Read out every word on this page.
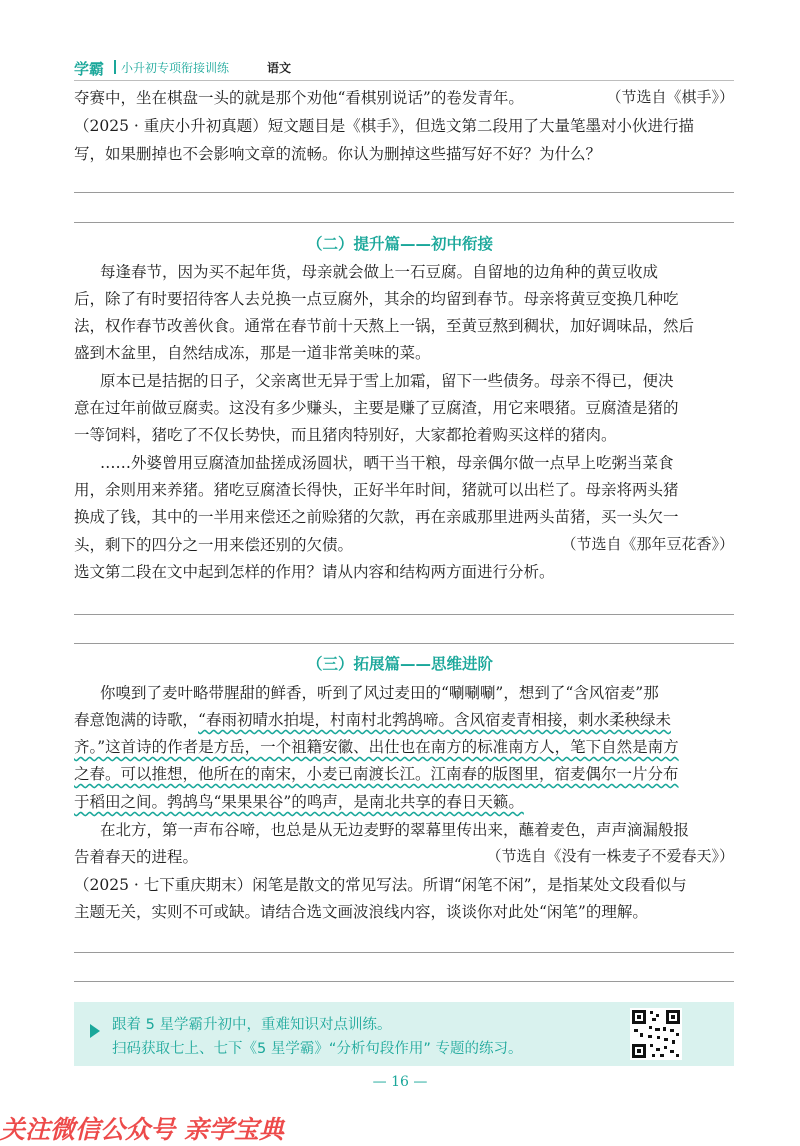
学霸 小升初专项衔接训练	语文
夺赛中，坐在棋盘一头的就是那个劝他“看棋别说话”的卷发青年。	（节选自《棋手》）
（2025 · 重庆小升初真题）短文题目是《棋手》，但选文第二段用了大量笔墨对小伙进行描
写，如果删掉也不会影响文章的流畅。你认为删掉这些描写好不好？为什么？
（二）提升篇——初中衔接
每逢春节，因为买不起年货，母亲就会做上一石豆腐。自留地的边角种的黄豆收成
后，除了有时要招待客人去兑换一点豆腐外，其余的均留到春节。母亲将黄豆变换几种吃
法，权作春节改善伙食。通常在春节前十天熬上一锅，至黄豆熬到稠状，加好调味品，然后
盛到木盆里，自然结成冻，那是一道非常美味的菜。
原本已是拮据的日子，父亲离世无异于雪上加霜，留下一些债务。母亲不得已，便决
意在过年前做豆腐卖。这没有多少赚头，主要是赚了豆腐渣，用它来喂猪。豆腐渣是猪的
一等饲料，猪吃了不仅长势快，而且猪肉特别好，大家都抢着购买这样的猪肉。
……外婆曾用豆腐渣加盐搓成汤圆状，晒干当干粮，母亲偶尔做一点早上吃粥当菜食
用，余则用来养猪。猪吃豆腐渣长得快，正好半年时间，猪就可以出栏了。母亲将两头猪
换成了钱，其中的一半用来偿还之前赊猪的欠款，再在亲戚那里进两头苗猪，买一头欠一
头，剩下的四分之一用来偿还别的欠债。	（节选自《那年豆花香》）
选文第二段在文中起到怎样的作用？请从内容和结构两方面进行分析。
（三）拓展篇——思维进阶
你嗅到了麦叶略带腥甜的鲜香，听到了风过麦田的“唰唰唰”，想到了“含风宿麦”那
春意饱满的诗歌，“春雨初晴水拍堤，村南村北鹁鸪啼。含风宿麦青相接，刺水柔秧绿未
齐。”这首诗的作者是方岳，一个祖籍安徽、出仕也在南方的标准南方人，笔下自然是南方
之春。可以推想，他所在的南宋，小麦已南渡长江。江南春的版图里，宿麦偶尔一片分布
于稻田之间。鹁鸪鸟“果果果谷”的鸣声，是南北共享的春日天籁。
在北方，第一声布谷啼，也总是从无边麦野的翠幕里传出来，蘸着麦色，声声滴漏般报
告着春天的进程。	（节选自《没有一株麦子不爱春天》）
（2025 · 七下重庆期末）闲笔是散文的常见写法。所谓“闲笔不闲”，是指某处文段看似与
主题无关，实则不可或缺。请结合选文画波浪线内容，谈谈你对此处“闲笔”的理解。
跟着 5 星学霸升初中，重难知识对点训练。
扫码获取七上、七下《5 星学霸》“分析句段作用” 专题的练习。
— 16 —
关注微信公众号 亲学宝典
